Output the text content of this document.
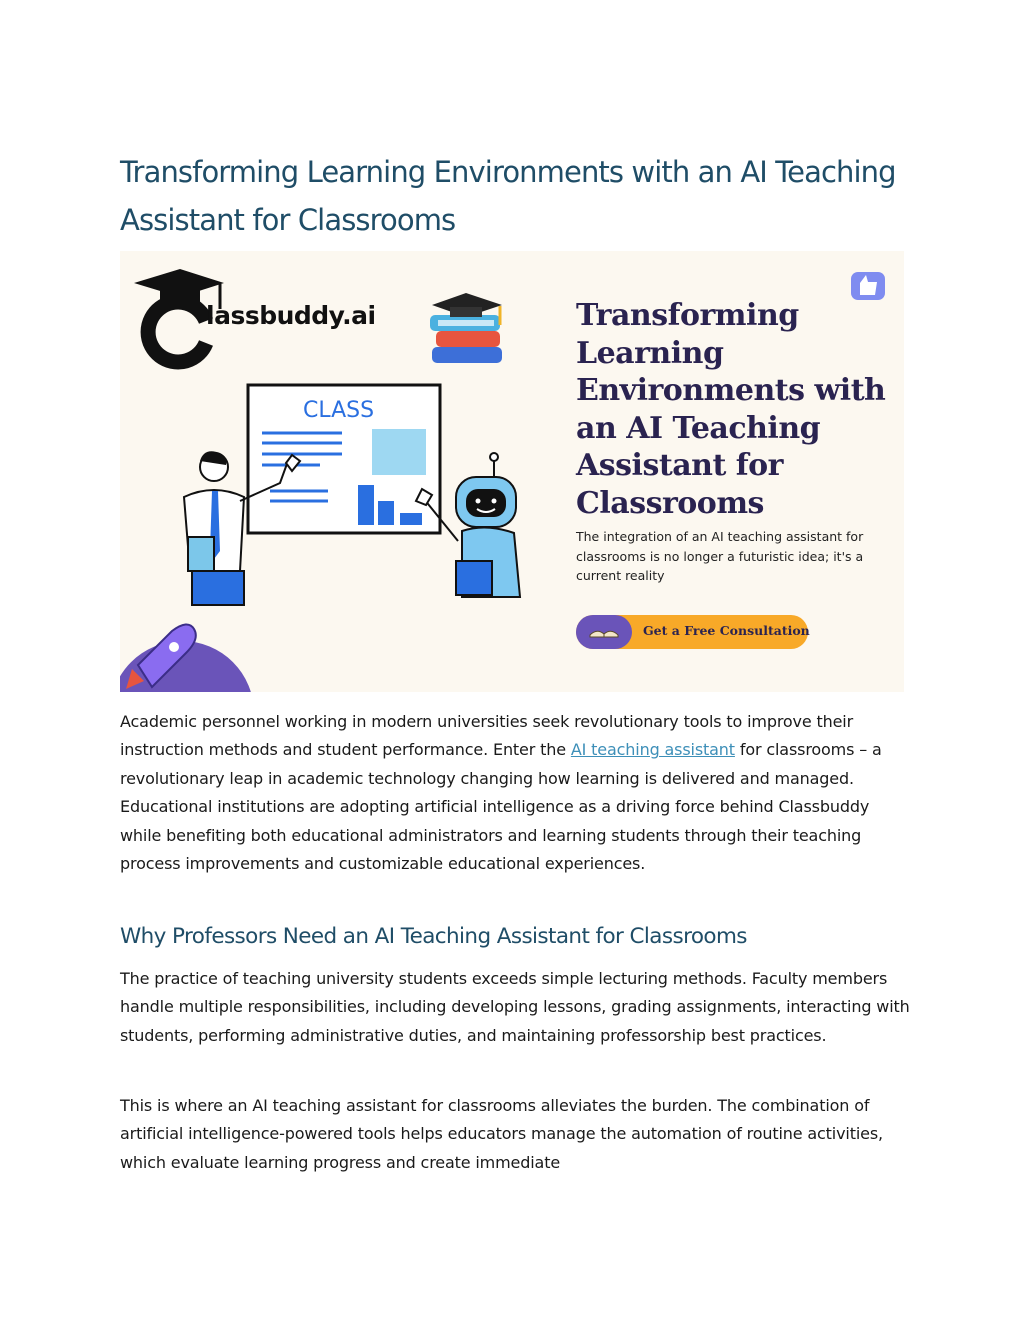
Transforming Learning Environments with an AI Teaching Assistant for Classrooms
CLASS
lassbuddy.ai	Transforming Learning Environments with an AI Teaching Assistant for Classrooms

The integration of an AI teaching assistant for classrooms is no longer a futuristic idea; it's a current reality

Get a Free Consultation

Academic personnel working in modern universities seek revolutionary tools to improve their instruction methods and student performance. Enter the AI teaching assistant for classrooms – a revolutionary leap in academic technology changing how learning is delivered and managed. Educational institutions are adopting artificial intelligence as a driving force behind Classbuddy while benefiting both educational administrators and learning students through their teaching process improvements and customizable educational experiences.

Why Professors Need an AI Teaching Assistant for Classrooms

The practice of teaching university students exceeds simple lecturing methods. Faculty members handle multiple responsibilities, including developing lessons, grading assignments, interacting with students, performing administrative duties, and maintaining professorship best practices.

This is where an AI teaching assistant for classrooms alleviates the burden. The combination of artificial intelligence-powered tools helps educators manage the automation of routine activities, which evaluate learning progress and create immediate
